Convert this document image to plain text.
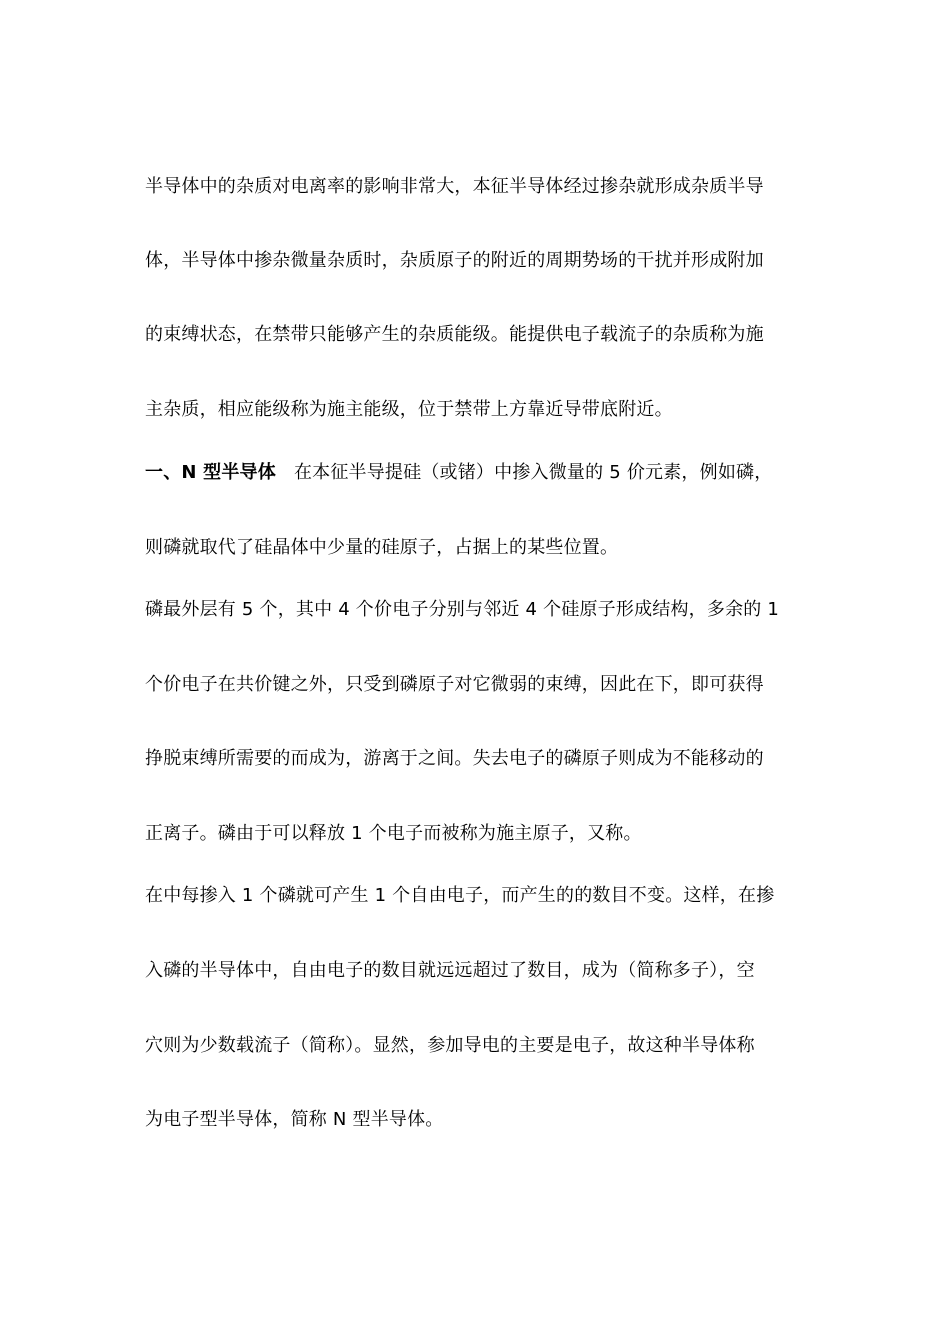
半导体中的杂质对电离率的影响非常大，本征半导体经过掺杂就形成杂质半导
体，半导体中掺杂微量杂质时，杂质原子的附近的周期势场的干扰并形成附加
的束缚状态，在禁带只能够产生的杂质能级。能提供电子载流子的杂质称为施
主杂质，相应能级称为施主能级，位于禁带上方靠近导带底附近。
一、N 型半导体 在本征半导提硅（或锗）中掺入微量的 5 价元素，例如磷，
则磷就取代了硅晶体中少量的硅原子，占据上的某些位置。
磷最外层有 5 个，其中 4 个价电子分别与邻近 4 个硅原子形成结构，多余的 1
个价电子在共价键之外，只受到磷原子对它微弱的束缚，因此在下，即可获得
挣脱束缚所需要的而成为，游离于之间。失去电子的磷原子则成为不能移动的
正离子。磷由于可以释放 1 个电子而被称为施主原子，又称。
在中每掺入 1 个磷就可产生 1 个自由电子，而产生的的数目不变。这样，在掺
入磷的半导体中，自由电子的数目就远远超过了数目，成为（简称多子），空
穴则为少数载流子（简称）。显然，参加导电的主要是电子，故这种半导体称
为电子型半导体，简称 N 型半导体。
